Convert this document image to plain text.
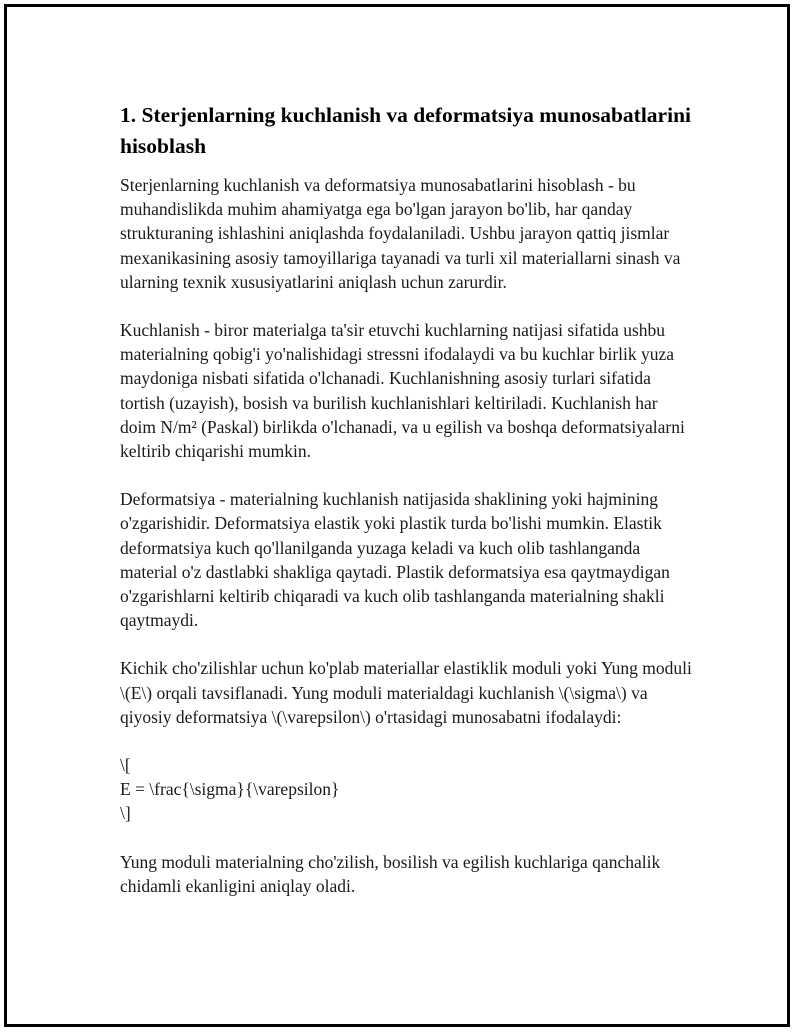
1. Sterjenlarning kuchlanish va deformatsiya munosabatlarini hisoblash

Sterjenlarning kuchlanish va deformatsiya munosabatlarini hisoblash - bu muhandislikda muhim ahamiyatga ega bo'lgan jarayon bo'lib, har qanday strukturaning ishlashini aniqlashda foydalaniladi. Ushbu jarayon qattiq jismlar mexanikasining asosiy tamoyillariga tayanadi va turli xil materiallarni sinash va ularning texnik xususiyatlarini aniqlash uchun zarurdir.

Kuchlanish - biror materialga ta'sir etuvchi kuchlarning natijasi sifatida ushbu materialning qobig'i yo'nalishidagi stressni ifodalaydi va bu kuchlar birlik yuza maydoniga nisbati sifatida o'lchanadi. Kuchlanishning asosiy turlari sifatida tortish (uzayish), bosish va burilish kuchlanishlari keltiriladi. Kuchlanish har doim N/m² (Paskal) birlikda o'lchanadi, va u egilish va boshqa deformatsiyalarni keltirib chiqarishi mumkin.

Deformatsiya - materialning kuchlanish natijasida shaklining yoki hajmining o'zgarishidir. Deformatsiya elastik yoki plastik turda bo'lishi mumkin. Elastik deformatsiya kuch qo'llanilganda yuzaga keladi va kuch olib tashlanganda material o'z dastlabki shakliga qaytadi. Plastik deformatsiya esa qaytmaydigan o'zgarishlarni keltirib chiqaradi va kuch olib tashlanganda materialning shakli qaytmaydi.

Kichik cho'zilishlar uchun ko'plab materiallar elastiklik moduli yoki Yung moduli \(E\) orqali tavsiflanadi. Yung moduli materialdagi kuchlanish \(\sigma\) va qiyosiy deformatsiya \(\varepsilon\) o'rtasidagi munosabatni ifodalaydi:

\[
E = \frac{\sigma}{\varepsilon}
\]

Yung moduli materialning cho'zilish, bosilish va egilish kuchlariga qanchalik chidamli ekanligini aniqlay oladi.
